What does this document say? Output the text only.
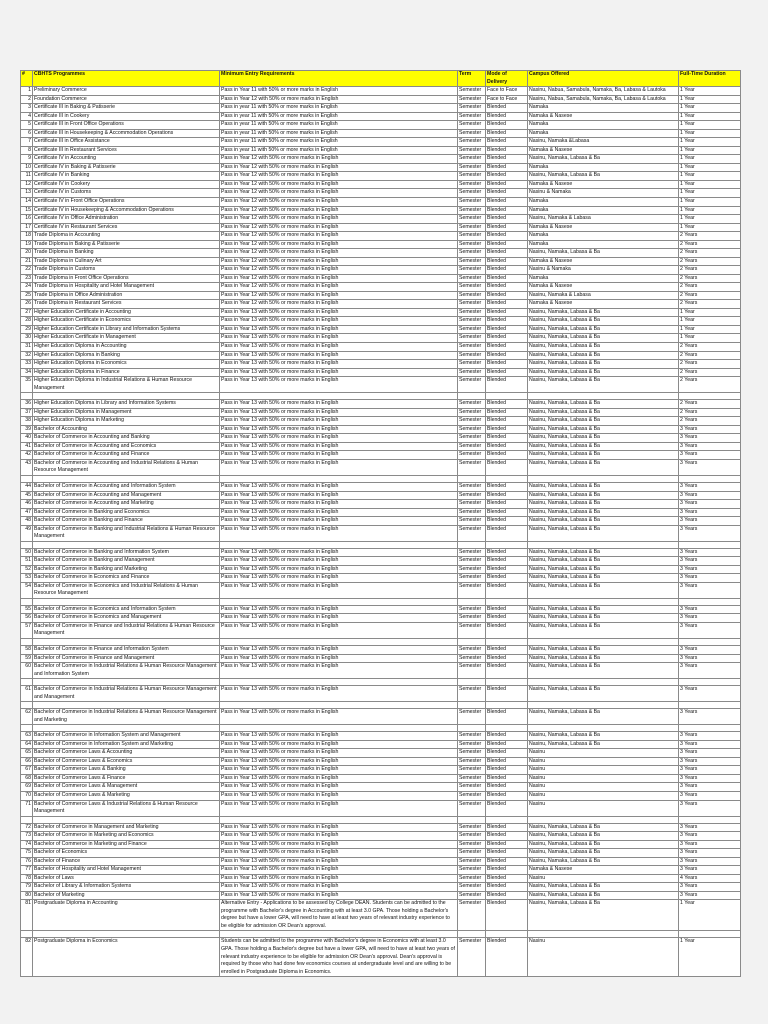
#	CBHTS Programmes	Minimum Entry Requirements	Term	Mode of Delivery	Campus Offered	Full-Time Duration
1	Preliminary Commerce	Pass in Year 11 with 50% or more marks in English	Semester	Face to Face	Nasinu, Nabua, Samabula, Namaka, Ba, Labasa & Lautoka	1 Year
2	Foundation Commerce	Pass in Year 12 with 50% or more marks in English	Semester	Face to Face	Nasinu, Nabua, Samabula, Namaka, Ba, Labasa & Lautoka	1 Year
3	Certificate III in Baking & Patisserie	Pass in year 11 with 50% or more marks in English	Semester	Blended	Namaka	1 Year
4	Certificate III in Cookery	Pass in year 11 with 50% or more marks in English	Semester	Blended	Namaka & Nasese	1 Year
5	Certificate III in Front Office Operations	Pass in year 11 with 50% or more marks in English	Semester	Blended	Namaka	1 Year
6	Certificate III in Housekeeping & Accommodation Operations	Pass in year 11 with 50% or more marks in English	Semester	Blended	Namaka	1 Year
7	Certificate III in Office Assistance	Pass in year 11 with 50% or more marks in English	Semester	Blended	Nasinu, Namaka &Labasa	1 Year
8	Certificate III in Restaurant Services	Pass in year 11 with 50% or more marks in English	Semester	Blended	Namaka & Nasese	1 Year
9	Certificate IV in Accounting	Pass in Year 12 with 50% or more marks in English	Semester	Blended	Nasinu, Namaka, Labasa & Ba	1 Year
10	Certificate IV in Baking & Patisserie	Pass in Year 12 with 50% or more marks in English	Semester	Blended	Namaka	1 Year
11	Certificate IV in Banking	Pass in Year 12 with 50% or more marks in English	Semester	Blended	Nasinu, Namaka, Labasa & Ba	1 Year
12	Certificate IV in Cookery	Pass in Year 12 with 50% or more marks in English	Semester	Blended	Namaka & Nasese	1 Year
13	Certificate IV in Customs	Pass in Year 12 with 50% or more marks in English	Semester	Blended	Nasinu & Namaka	1 Year
14	Certificate IV in Front Office Operations	Pass in Year 12 with 50% or more marks in English	Semester	Blended	Namaka	1 Year
15	Certificate IV in Housekeeping & Accommodation Operations	Pass in Year 12 with 50% or more marks in English	Semester	Blended	Namaka	1 Year
16	Certificate IV in Office Administration	Pass in Year 12 with 50% or more marks in English	Semester	Blended	Nasinu, Namaka & Labasa	1 Year
17	Certificate IV in Restaurant Services	Pass in Year 12 with 50% or more marks in English	Semester	Blended	Namaka & Nasese	1 Year
18	Trade Diploma in Accounting	Pass in Year 12 with 50% or more marks in English	Semester	Blended	Namaka	2 Years
19	Trade Diploma in Baking & Patisserie	Pass in Year 12 with 50% or more marks in English	Semester	Blended	Namaka	2 Years
20	Trade Diploma in Banking	Pass in Year 12 with 50% or more marks in English	Semester	Blended	Nasinu, Namaka, Labasa & Ba	2 Years
21	Trade Diploma in Culinary Art	Pass in Year 12 with 50% or more marks in English	Semester	Blended	Namaka & Nasese	2 Years
22	Trade Diploma in Customs	Pass in Year 12 with 50% or more marks in English	Semester	Blended	Nasinu & Namaka	2 Years
23	Trade Diploma in Front Office Operations	Pass in Year 12 with 50% or more marks in English	Semester	Blended	Namaka	2 Years
24	Trade Diploma in Hospitality and Hotel Management	Pass in Year 12 with 50% or more marks in English	Semester	Blended	Namaka & Nasese	2 Years
25	Trade Diploma in Office Administration	Pass in Year 12 with 50% or more marks in English	Semester	Blended	Nasinu, Namaka & Labasa	2 Years
26	Trade Diploma in Restaurant Services	Pass in Year 12 with 50% or more marks in English	Semester	Blended	Namaka & Nasese	2 Years
27	Higher Education Certificate in Accounting	Pass in Year 13 with 50% or more marks in English	Semester	Blended	Nasinu, Namaka, Labasa & Ba	1 Year
28	Higher Education Certificate in Economics	Pass in Year 13 with 50% or more marks in English	Semester	Blended	Nasinu, Namaka, Labasa & Ba	1 Year
29	Higher Education Certificate in Library and Information Systems	Pass in Year 13 with 50% or more marks in English	Semester	Blended	Nasinu, Namaka, Labasa & Ba	1 Year
30	Higher Education Certificate in Management	Pass in Year 13 with 50% or more marks in English	Semester	Blended	Nasinu, Namaka, Labasa & Ba	1 Year
31	Higher Education Diploma in Accounting	Pass in Year 13 with 50% or more marks in English	Semester	Blended	Nasinu, Namaka, Labasa & Ba	2 Years
32	Higher Education Diploma in Banking	Pass in Year 13 with 50% or more marks in English	Semester	Blended	Nasinu, Namaka, Labasa & Ba	2 Years
33	Higher Education Diploma in Economics	Pass in Year 13 with 50% or more marks in English	Semester	Blended	Nasinu, Namaka, Labasa & Ba	2 Years
34	Higher Education Diploma in Finance	Pass in Year 13 with 50% or more marks in English	Semester	Blended	Nasinu, Namaka, Labasa & Ba	2 Years
35	Higher Education Diploma in Industrial Relations & Human Resource Management	Pass in Year 13 with 50% or more marks in English	Semester	Blended	Nasinu, Namaka, Labasa & Ba	2 Years

36	Higher Education Diploma in Library and Information Systems	Pass in Year 13 with 50% or more marks in English	Semester	Blended	Nasinu, Namaka, Labasa & Ba	2 Years
37	Higher Education Diploma in Management	Pass in Year 13 with 50% or more marks in English	Semester	Blended	Nasinu, Namaka, Labasa & Ba	2 Years
38	Higher Education Diploma in Marketing	Pass in Year 13 with 50% or more marks in English	Semester	Blended	Nasinu, Namaka, Labasa & Ba	2 Years
39	Bachelor of Accounting	Pass in Year 13 with 50% or more marks in English	Semester	Blended	Nasinu, Namaka, Labasa & Ba	3 Years
40	Bachelor of Commerce in Accounting and Banking	Pass in Year 13 with 50% or more marks in English	Semester	Blended	Nasinu, Namaka, Labasa & Ba	3 Years
41	Bachelor of Commerce in Accounting and Economics	Pass in Year 13 with 50% or more marks in English	Semester	Blended	Nasinu, Namaka, Labasa & Ba	3 Years
42	Bachelor of Commerce in Accounting and Finance	Pass in Year 13 with 50% or more marks in English	Semester	Blended	Nasinu, Namaka, Labasa & Ba	3 Years
43	Bachelor of Commerce in Accounting and Industrial Relations & Human Resource Management	Pass in Year 13 with 50% or more marks in English	Semester	Blended	Nasinu, Namaka, Labasa & Ba	3 Years

44	Bachelor of Commerce in Accounting and Information System	Pass in Year 13 with 50% or more marks in English	Semester	Blended	Nasinu, Namaka, Labasa & Ba	3 Years
45	Bachelor of Commerce in Accounting and Management	Pass in Year 13 with 50% or more marks in English	Semester	Blended	Nasinu, Namaka, Labasa & Ba	3 Years
46	Bachelor of Commerce in Accounting and Marketing	Pass in Year 13 with 50% or more marks in English	Semester	Blended	Nasinu, Namaka, Labasa & Ba	3 Years
47	Bachelor of Commerce in Banking and Economics	Pass in Year 13 with 50% or more marks in English	Semester	Blended	Nasinu, Namaka, Labasa & Ba	3 Years
48	Bachelor of Commerce in Banking and Finance	Pass in Year 13 with 50% or more marks in English	Semester	Blended	Nasinu, Namaka, Labasa & Ba	3 Years
49	Bachelor of Commerce in Banking and Industrial Relations & Human Resource Management	Pass in Year 13 with 50% or more marks in English	Semester	Blended	Nasinu, Namaka, Labasa & Ba	3 Years

50	Bachelor of Commerce in Banking and Information System	Pass in Year 13 with 50% or more marks in English	Semester	Blended	Nasinu, Namaka, Labasa & Ba	3 Years
51	Bachelor of Commerce in Banking and Management	Pass in Year 13 with 50% or more marks in English	Semester	Blended	Nasinu, Namaka, Labasa & Ba	3 Years
52	Bachelor of Commerce in Banking and Marketing	Pass in Year 13 with 50% or more marks in English	Semester	Blended	Nasinu, Namaka, Labasa & Ba	3 Years
53	Bachelor of Commerce in Economics and Finance	Pass in Year 13 with 50% or more marks in English	Semester	Blended	Nasinu, Namaka, Labasa & Ba	3 Years
54	Bachelor of Commerce in Economics and Industrial Relations & Human Resource Management	Pass in Year 13 with 50% or more marks in English	Semester	Blended	Nasinu, Namaka, Labasa & Ba	3 Years

55	Bachelor of Commerce in Economics and Information System	Pass in Year 13 with 50% or more marks in English	Semester	Blended	Nasinu, Namaka, Labasa & Ba	3 Years
56	Bachelor of Commerce in Economics and Management	Pass in Year 13 with 50% or more marks in English	Semester	Blended	Nasinu, Namaka, Labasa & Ba	3 Years
57	Bachelor of Commerce in Finance and Industrial Relations & Human Resource Management	Pass in Year 13 with 50% or more marks in English	Semester	Blended	Nasinu, Namaka, Labasa & Ba	3 Years

58	Bachelor of Commerce in Finance and Information System	Pass in Year 13 with 50% or more marks in English	Semester	Blended	Nasinu, Namaka, Labasa & Ba	3 Years
59	Bachelor of Commerce in Finance and Management	Pass in Year 13 with 50% or more marks in English	Semester	Blended	Nasinu, Namaka, Labasa & Ba	3 Years
60	Bachelor of Commerce in Industrial Relations & Human Resource Management and Information System	Pass in Year 13 with 50% or more marks in English	Semester	Blended	Nasinu, Namaka, Labasa & Ba	3 Years

61	Bachelor of Commerce in Industrial Relations & Human Resource Management and Management	Pass in Year 13 with 50% or more marks in English	Semester	Blended	Nasinu, Namaka, Labasa & Ba	3 Years

62	Bachelor of Commerce in Industrial Relations & Human Resource Management and Marketing	Pass in Year 13 with 50% or more marks in English	Semester	Blended	Nasinu, Namaka, Labasa & Ba	3 Years

63	Bachelor of Commerce in Information System and Management	Pass in Year 13 with 50% or more marks in English	Semester	Blended	Nasinu, Namaka, Labasa & Ba	3 Years
64	Bachelor of Commerce in Information System and Marketing	Pass in Year 13 with 50% or more marks in English	Semester	Blended	Nasinu, Namaka, Labasa & Ba	3 Years
65	Bachelor of Commerce Laws & Accounting	Pass in Year 13 with 50% or more marks in English	Semester	Blended	Nasinu	3 Years
66	Bachelor of Commerce Laws & Economics	Pass in Year 13 with 50% or more marks in English	Semester	Blended	Nasinu	3 Years
67	Bachelor of Commerce Laws & Banking	Pass in Year 13 with 50% or more marks in English	Semester	Blended	Nasinu	3 Years
68	Bachelor of Commerce Laws & Finance	Pass in Year 13 with 50% or more marks in English	Semester	Blended	Nasinu	3 Years
69	Bachelor of Commerce Laws & Management	Pass in Year 13 with 50% or more marks in English	Semester	Blended	Nasinu	3 Years
70	Bachelor of Commerce Laws & Marketing	Pass in Year 13 with 50% or more marks in English	Semester	Blended	Nasinu	3 Years
71	Bachelor of Commerce Laws & Industrial Relations & Human Resource Management	Pass in Year 13 with 50% or more marks in English	Semester	Blended	Nasinu	3 Years

72	Bachelor of Commerce in Management and Marketing	Pass in Year 13 with 50% or more marks in English	Semester	Blended	Nasinu, Namaka, Labasa & Ba	3 Years
73	Bachelor of Commerce in Marketing and Economics	Pass in Year 13 with 50% or more marks in English	Semester	Blended	Nasinu, Namaka, Labasa & Ba	3 Years
74	Bachelor of Commerce in Marketing and Finance	Pass in Year 13 with 50% or more marks in English	Semester	Blended	Nasinu, Namaka, Labasa & Ba	3 Years
75	Bachelor of Economics	Pass in Year 13 with 50% or more marks in English	Semester	Blended	Nasinu, Namaka, Labasa & Ba	3 Years
76	Bachelor of Finance	Pass in Year 13 with 50% or more marks in English	Semester	Blended	Nasinu, Namaka, Labasa & Ba	3 Years
77	Bachelor of Hospitality and Hotel Management	Pass in Year 13 with 50% or more marks in English	Semester	Blended	Namaka & Nasese	3 Years
78	Bachelor of Laws	Pass in Year 13 with 50% or more marks in English	Semester	Blended	Nasinu	4 Years
79	Bachelor of Library & Information Systems	Pass in Year 13 with 50% or more marks in English	Semester	Blended	Nasinu, Namaka, Labasa & Ba	3 Years
80	Bachelor of Marketing	Pass in Year 13 with 50% or more marks in English	Semester	Blended	Nasinu, Namaka, Labasa & Ba	3 Years
81	Postgraduate Diploma in Accounting	Alternative Entry - Applications to be assessed by College DEAN. Students can be admitted to the programme with Bachelor's degree in Accounting with at least 3.0 GPA. Those holding a Bachelor's degree but have a lower GPA, will need to have at least two years of relevant industry experience to be eligible for admission OR Dean's approval.	Semester	Blended	Nasinu, Namaka, Labasa & Ba	1 Year

82	Postgraduate Diploma in Economics	Students can be admitted to the programme with Bachelor's degree in Economics with at least 3.0 GPA. Those holding a Bachelor's degree but have a lower GPA, will need to have at least two years of relevant industry experience to be eligible for admission OR Dean's approval. Dean's approval is required by those who had done few economics courses at undergraduate level and are willing to be enrolled in Postgraduate Diploma in Economics.	Semester	Blended	Nasinu	1 Year
